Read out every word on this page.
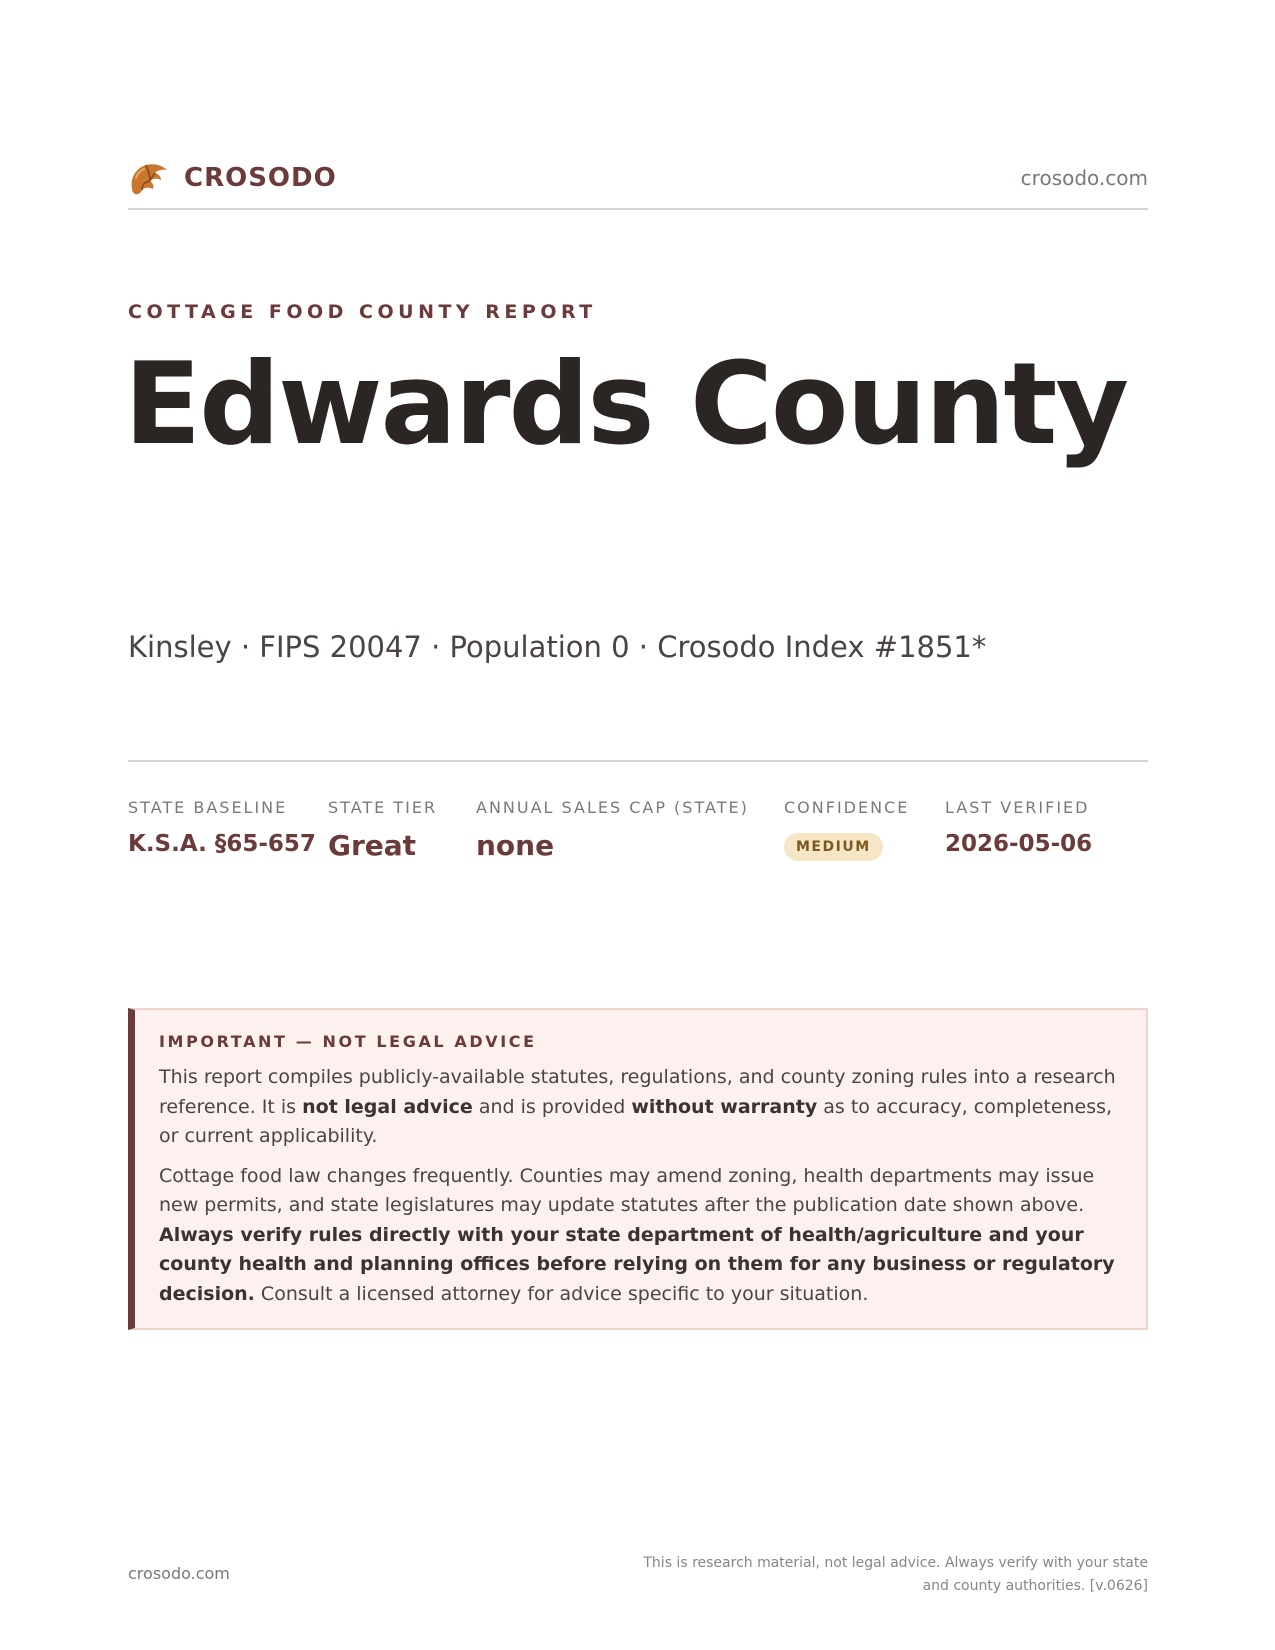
CROSODO	crosodo.com
COTTAGE FOOD COUNTY REPORT
Edwards County
Kinsley · FIPS 20047 · Population 0 · Crosodo Index #1851*
STATE BASELINE
K.S.A. §65-657
STATE TIER
Great
ANNUAL SALES CAP (STATE)
none
CONFIDENCE
MEDIUM
LAST VERIFIED
2026-05-06
IMPORTANT — NOT LEGAL ADVICE

This report compiles publicly-available statutes, regulations, and county zoning rules into a research reference. It is not legal advice and is provided without warranty as to accuracy, completeness, or current applicability.

Cottage food law changes frequently. Counties may amend zoning, health departments may issue new permits, and state legislatures may update statutes after the publication date shown above. Always verify rules directly with your state department of health/agriculture and your county health and planning offices before relying on them for any business or regulatory decision. Consult a licensed attorney for advice specific to your situation.

crosodo.com
This is research material, not legal advice. Always verify with your state
and county authorities. [v.0626]
